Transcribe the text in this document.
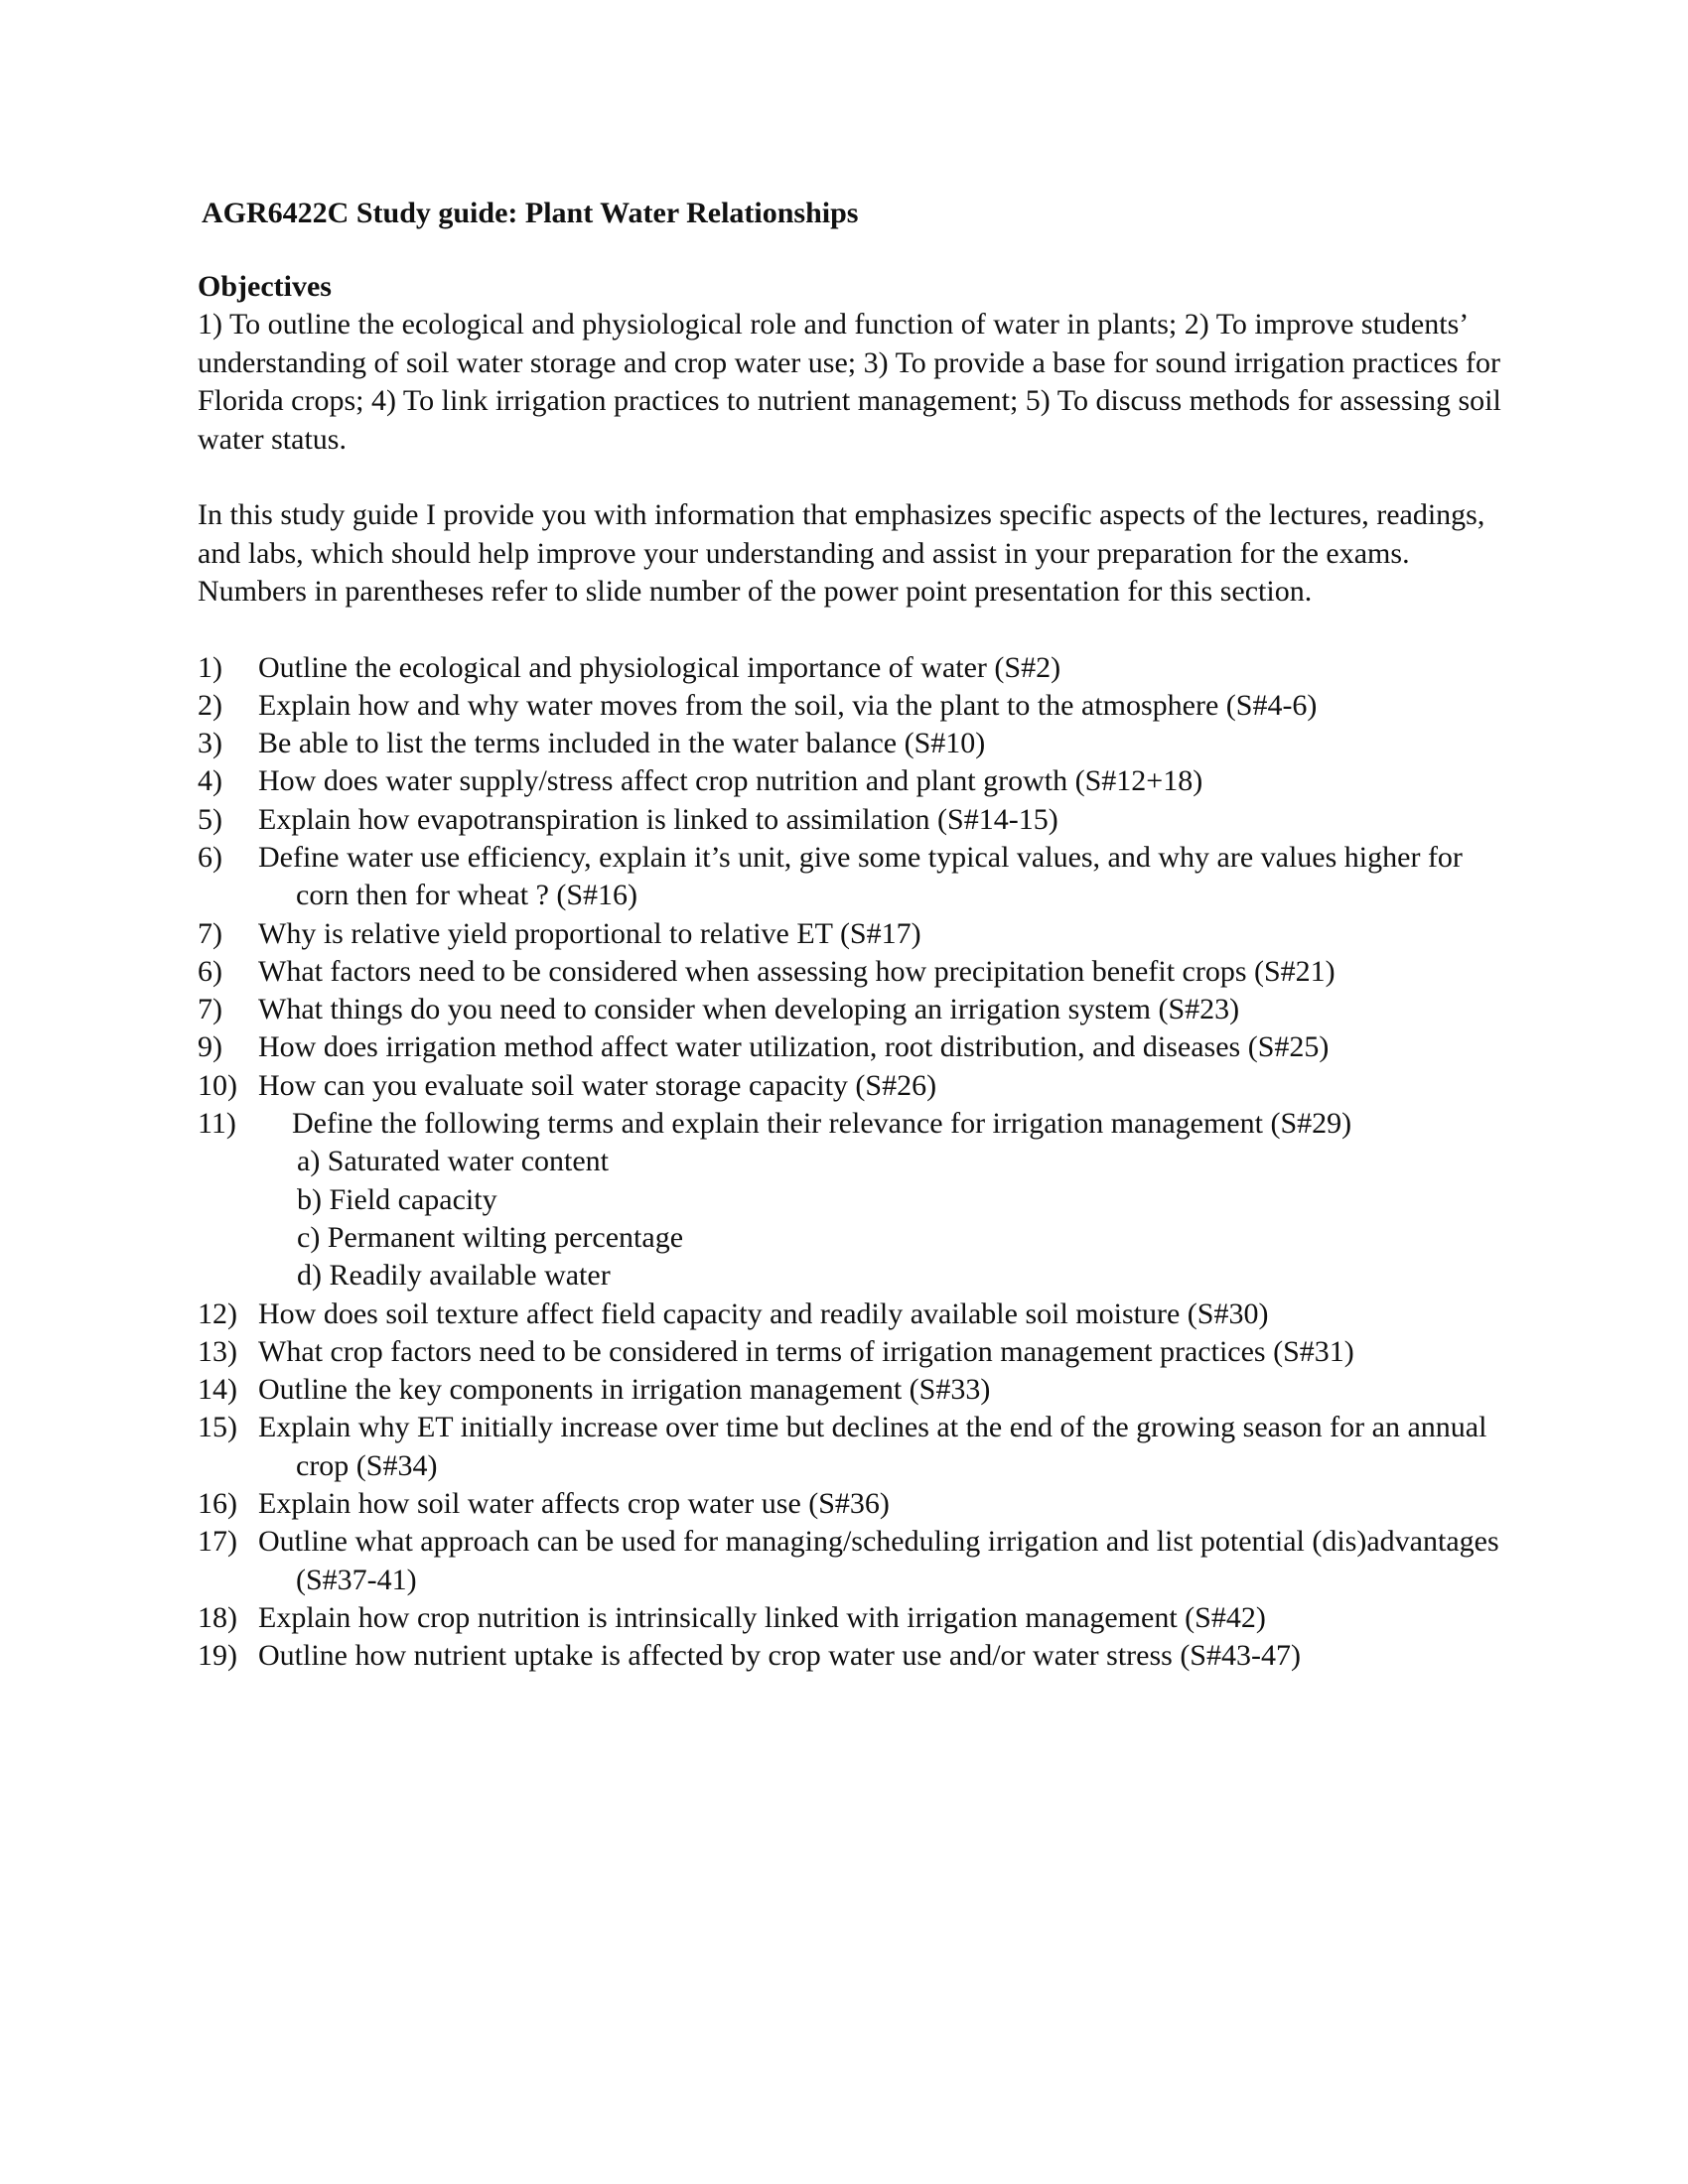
AGR6422C Study guide: Plant Water Relationships
Objectives

1) To outline the ecological and physiological role and function of water in plants; 2) To improve students’ understanding of soil water storage and crop water use; 3) To provide a base for sound irrigation practices for Florida crops; 4) To link irrigation practices to nutrient management; 5) To discuss methods for assessing soil water status.

In this study guide I provide you with information that emphasizes specific aspects of the lectures, readings, and labs, which should help improve your understanding and assist in your preparation for the exams. Numbers in parentheses refer to slide number of the power point presentation for this section.

1) Outline the ecological and physiological importance of water (S#2)
2) Explain how and why water moves from the soil, via the plant to the atmosphere (S#4-6)
3) Be able to list the terms included in the water balance (S#10)
4) How does water supply/stress affect crop nutrition and plant growth (S#12+18)
5) Explain how evapotranspiration is linked to assimilation (S#14-15)
6) Define water use efficiency, explain it’s unit, give some typical values, and why are values higher for corn then for wheat ? (S#16)
7) Why is relative yield proportional to relative ET (S#17)
6) What factors need to be considered when assessing how precipitation benefit crops (S#21)
7) What things do you need to consider when developing an irrigation system (S#23)
9) How does irrigation method affect water utilization, root distribution, and diseases (S#25)
10) How can you evaluate soil water storage capacity (S#26)
11)	Define the following terms and explain their relevance for irrigation management (S#29)
a) Saturated water content
b) Field capacity
c) Permanent wilting percentage
d) Readily available water
12) How does soil texture affect field capacity and readily available soil moisture (S#30)
13) What crop factors need to be considered in terms of irrigation management practices (S#31)
14) Outline the key components in irrigation management (S#33)
15) Explain why ET initially increase over time but declines at the end of the growing season for an annual crop (S#34)
16) Explain how soil water affects crop water use (S#36)
17) Outline what approach can be used for managing/scheduling irrigation and list potential (dis)advantages (S#37-41)
18) Explain how crop nutrition is intrinsically linked with irrigation management (S#42)
19) Outline how nutrient uptake is affected by crop water use and/or water stress (S#43-47)
